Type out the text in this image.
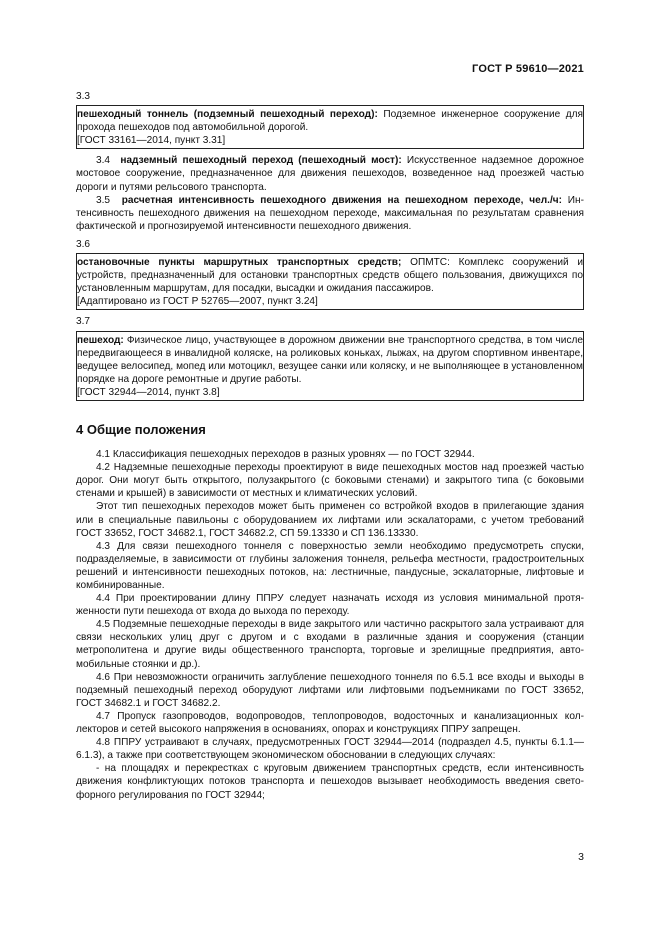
ГОСТ Р 59610—2021

3.3

пешеходный тоннель (подземный пешеходный переход): Подземное инженерное сооружение для прохода пешеходов под автомобильной дорогой.

[ГОСТ 33161—2014, пункт 3.31]

3.4 надземный пешеходный переход (пешеходный мост): Искусственное надземное дорожное мостовое сооружение, предназначенное для движения пешеходов, возведенное над проезжей частью дороги и путями рельсового транспорта.

3.5 расчетная интенсивность пешеходного движения на пешеходном переходе, чел./ч: Интенсивность пешеходного движения на пешеходном переходе, максимальная по результатам сравнения фактической и прогнозируемой интенсивности пешеходного движения.

3.6

остановочные пункты маршрутных транспортных средств; ОПМТС: Комплекс сооружений и устройств, предназначенный для остановки транспортных средств общего пользования, движущихся по установленным маршрутам, для посадки, высадки и ожидания пассажиров.

[Адаптировано из ГОСТ Р 52765—2007, пункт 3.24]

3.7

пешеход: Физическое лицо, участвующее в дорожном движении вне транспортного средства, в том числе передвигающееся в инвалидной коляске, на роликовых коньках, лыжах, на другом спортивном инвентаре, ведущее велосипед, мопед или мотоцикл, везущее санки или коляску, и не выполняющее в установленном порядке на дороге ремонтные и другие работы.

[ГОСТ 32944—2014, пункт 3.8]

4 Общие положения

4.1 Классификация пешеходных переходов в разных уровнях — по ГОСТ 32944.

4.2 Надземные пешеходные переходы проектируют в виде пешеходных мостов над проезжей частью дорог. Они могут быть открытого, полузакрытого (с боковыми стенами) и закрытого типа (с боковыми стенами и крышей) в зависимости от местных и климатических условий.

Этот тип пешеходных переходов может быть применен со встройкой входов в прилегающие здания или в специальные павильоны с оборудованием их лифтами или эскалаторами, с учетом требований ГОСТ 33652, ГОСТ 34682.1, ГОСТ 34682.2, СП 59.13330 и СП 136.13330.

4.3 Для связи пешеходного тоннеля с поверхностью земли необходимо предусмотреть спуски, подразделяемые, в зависимости от глубины заложения тоннеля, рельефа местности, градостроительных решений и интенсивности пешеходных потоков, на: лестничные, пандусные, эскалаторные, лифтовые и комбинированные.

4.4 При проектировании длину ППРУ следует назначать исходя из условия минимальной протяженности пути пешехода от входа до выхода по переходу.

4.5 Подземные пешеходные переходы в виде закрытого или частично раскрытого зала устраивают для связи нескольких улиц друг с другом и с входами в различные здания и сооружения (станции метрополитена и другие виды общественного транспорта, торговые и зрелищные предприятия, автомобильные стоянки и др.).

4.6 При невозможности ограничить заглубление пешеходного тоннеля по 6.5.1 все входы и выходы в подземный пешеходный переход оборудуют лифтами или лифтовыми подъемниками по ГОСТ 33652, ГОСТ 34682.1 и ГОСТ 34682.2.

4.7 Пропуск газопроводов, водопроводов, теплопроводов, водосточных и канализационных коллекторов и сетей высокого напряжения в основаниях, опорах и конструкциях ППРУ запрещен.

4.8 ППРУ устраивают в случаях, предусмотренных ГОСТ 32944—2014 (подраздел 4.5, пункты 6.1.1—6.1.3), а также при соответствующем экономическом обосновании в следующих случаях:

- на площадях и перекрестках с круговым движением транспортных средств, если интенсивность движения конфликтующих потоков транспорта и пешеходов вызывает необходимость введения светофорного регулирования по ГОСТ 32944;

3
